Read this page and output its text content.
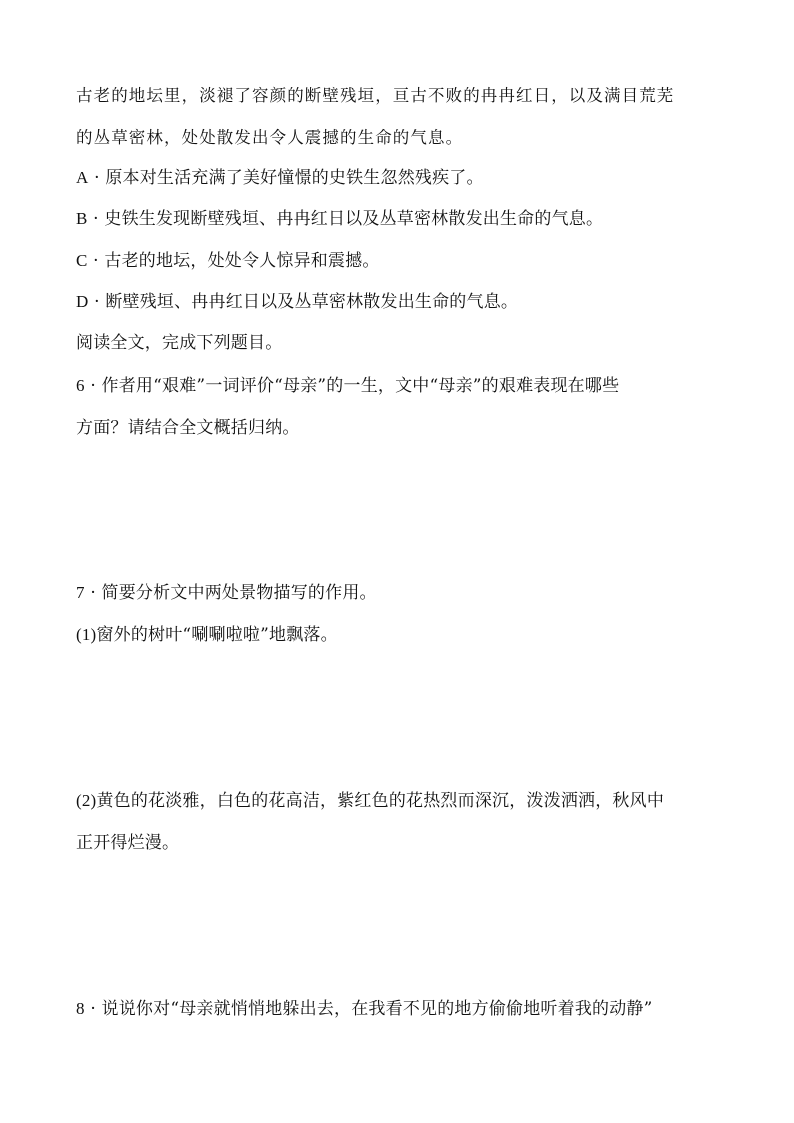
古老的地坛里，淡褪了容颜的断壁残垣，亘古不败的冉冉红日，以及满目荒芜
的丛草密林，处处散发出令人震撼的生命的气息。
A · 原本对生活充满了美好憧憬的史铁生忽然残疾了。
B · 史铁生发现断壁残垣、冉冉红日以及丛草密林散发出生命的气息。
C · 古老的地坛，处处令人惊异和震撼。
D · 断壁残垣、冉冉红日以及丛草密林散发出生命的气息。
阅读全文，完成下列题目。
6 · 作者用“艰难”一词评价“母亲”的一生，文中“母亲”的艰难表现在哪些
方面？请结合全文概括归纳。
7 · 简要分析文中两处景物描写的作用。
(1)窗外的树叶“唰唰啦啦”地飘落。
(2)黄色的花淡雅，白色的花高洁，紫红色的花热烈而深沉，泼泼洒洒，秋风中
正开得烂漫。
8 · 说说你对“母亲就悄悄地躲出去，在我看不见的地方偷偷地听着我的动静”
